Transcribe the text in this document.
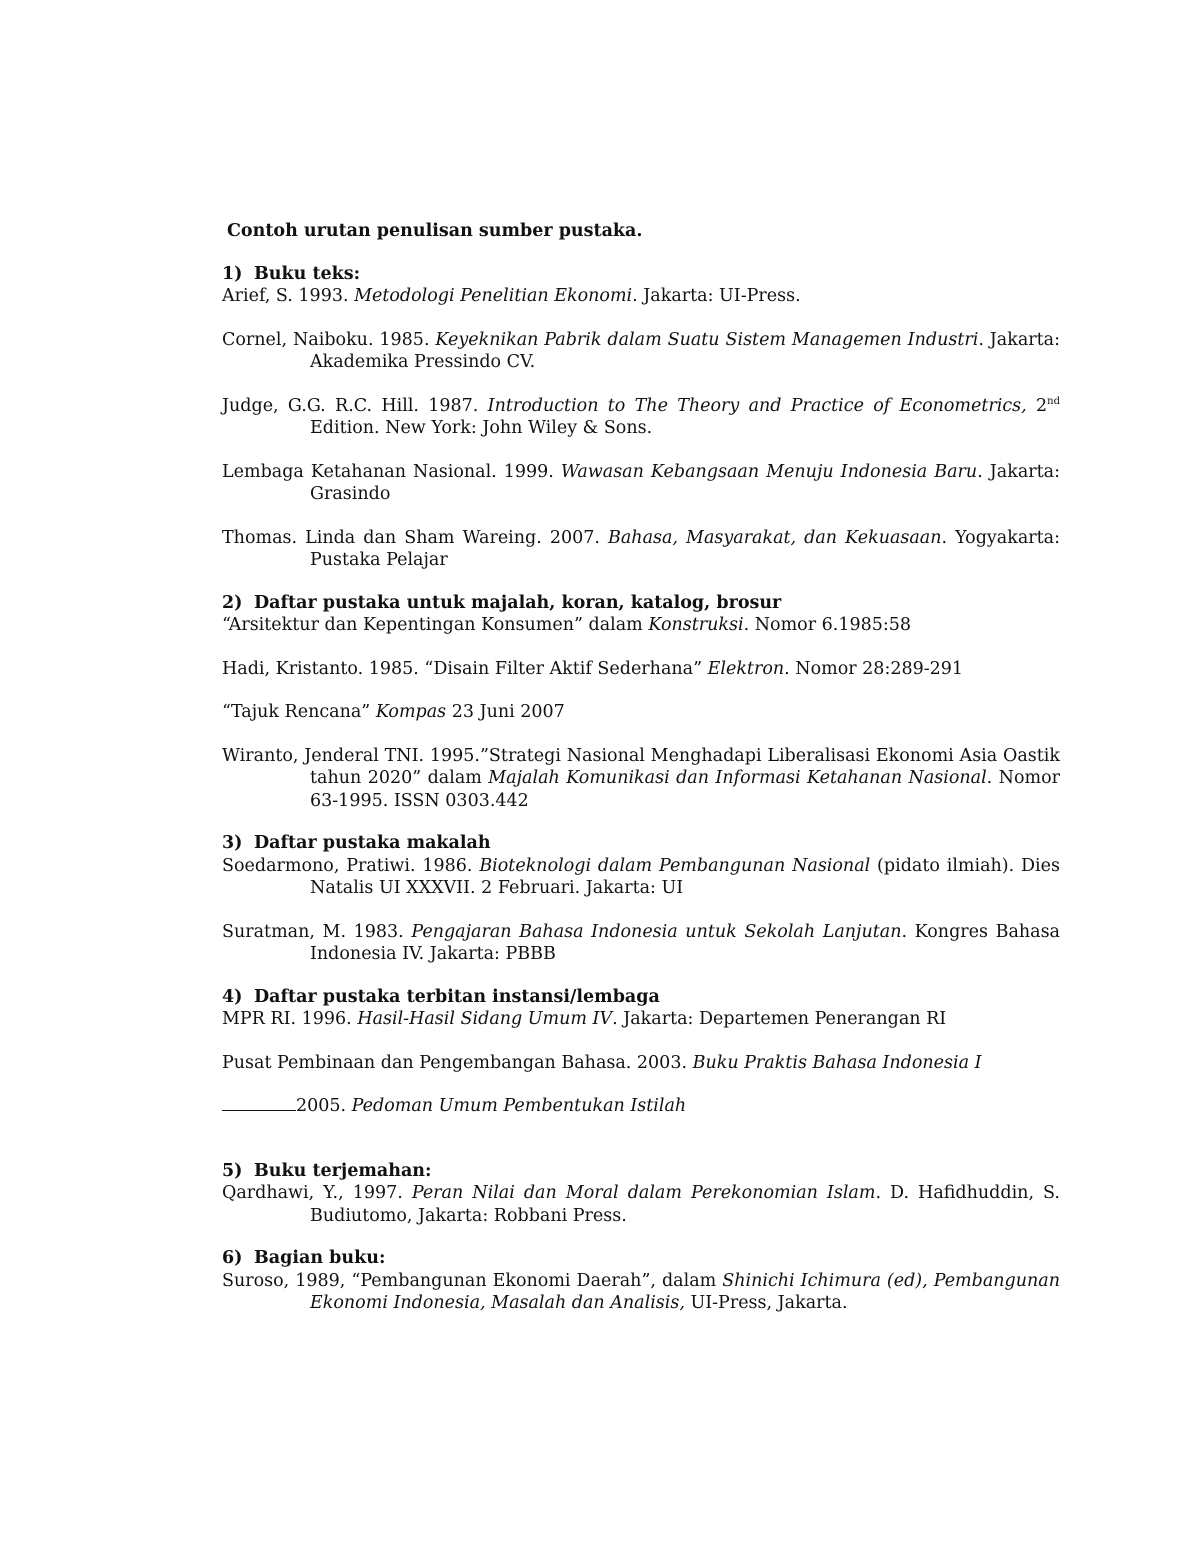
Contoh urutan penulisan sumber pustaka.
1) Buku teks:
Arief, S. 1993. Metodologi Penelitian Ekonomi. Jakarta: UI-Press.
Cornel, Naiboku. 1985. Keyeknikan Pabrik dalam Suatu Sistem Managemen Industri. Jakarta: Akademika Pressindo CV.
Judge, G.G. R.C. Hill. 1987. Introduction to The Theory and Practice of Econometrics, 2nd Edition. New York: John Wiley & Sons.
Lembaga Ketahanan Nasional. 1999. Wawasan Kebangsaan Menuju Indonesia Baru. Jakarta: Grasindo
Thomas. Linda dan Sham Wareing. 2007. Bahasa, Masyarakat, dan Kekuasaan. Yogyakarta: Pustaka Pelajar
2) Daftar pustaka untuk majalah, koran, katalog, brosur
“Arsitektur dan Kepentingan Konsumen” dalam Konstruksi. Nomor 6.1985:58
Hadi, Kristanto. 1985. “Disain Filter Aktif Sederhana” Elektron. Nomor 28:289-291
“Tajuk Rencana” Kompas 23 Juni 2007
Wiranto, Jenderal TNI. 1995.”Strategi Nasional Menghadapi Liberalisasi Ekonomi Asia Oastik tahun 2020” dalam Majalah Komunikasi dan Informasi Ketahanan Nasional. Nomor 63-1995. ISSN 0303.442
3) Daftar pustaka makalah
Soedarmono, Pratiwi. 1986. Bioteknologi dalam Pembangunan Nasional (pidato ilmiah). Dies Natalis UI XXXVII. 2 Februari. Jakarta: UI
Suratman, M. 1983. Pengajaran Bahasa Indonesia untuk Sekolah Lanjutan. Kongres Bahasa Indonesia IV. Jakarta: PBBB
4) Daftar pustaka terbitan instansi/lembaga
MPR RI. 1996. Hasil-Hasil Sidang Umum IV. Jakarta: Departemen Penerangan RI
Pusat Pembinaan dan Pengembangan Bahasa. 2003. Buku Praktis Bahasa Indonesia I
2005. Pedoman Umum Pembentukan Istilah
5) Buku terjemahan:
Qardhawi, Y., 1997. Peran Nilai dan Moral dalam Perekonomian Islam. D. Hafidhuddin, S. Budiutomo, Jakarta: Robbani Press.
6) Bagian buku:
Suroso, 1989, “Pembangunan Ekonomi Daerah”, dalam Shinichi Ichimura (ed), Pembangunan Ekonomi Indonesia, Masalah dan Analisis, UI-Press, Jakarta.
